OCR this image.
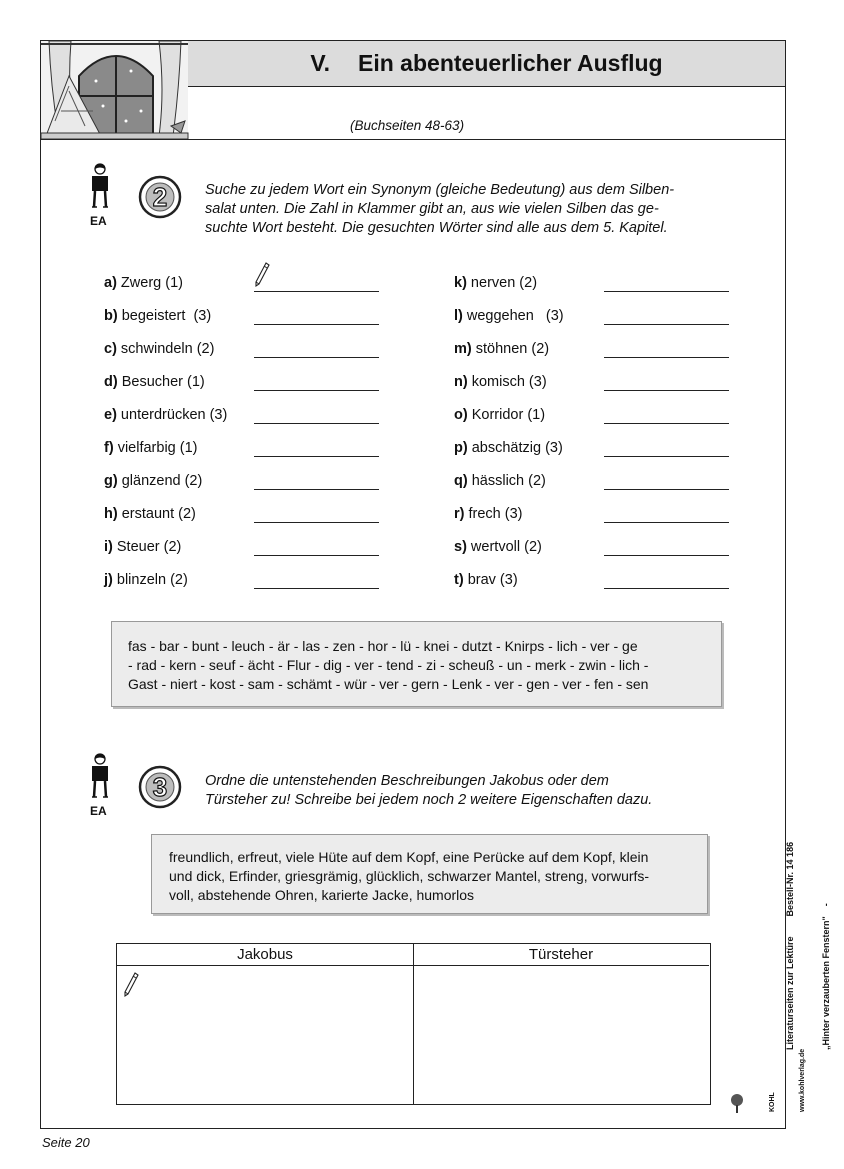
V. Ein abenteuerlicher Ausflug
(Buchseiten 48-63)
EA
2	Suche zu jedem Wort ein Synonym (gleiche Bedeutung) aus dem Silben-
salat unten. Die Zahl in Klammer gibt an, aus wie vielen Silben das ge-
suchte Wort besteht. Die gesuchten Wörter sind alle aus dem 5. Kapitel.
a) Zwerg (1)
b) begeistert  (3)
c) schwindeln (2)
d) Besucher (1)
e) unterdrücken (3)
f) vielfarbig (1)
g) glänzend (2)
h) erstaunt (2)
i) Steuer (2)
j) blinzeln (2)
k) nerven (2)
l) weggehen   (3)
m) stöhnen (2)
n) komisch (3)
o) Korridor (1)
p) abschätzig (3)
q) hässlich (2)
r) frech (3)
s) wertvoll (2)
t) brav (3)
fas - bar - bunt - leuch - är - las - zen - hor - lü - knei - dutzt - Knirps - lich - ver - ge
- rad - kern - seuf - ächt - Flur - dig - ver - tend - zi - scheuß - un - merk - zwin - lich -
Gast - niert - kost - sam - schämt - wür - ver - gern - Lenk - ver - gen - ver - fen - sen
EA
3	Ordne die untenstehenden Beschreibungen Jakobus oder dem
Türsteher zu! Schreibe bei jedem noch 2 weitere Eigenschaften dazu.
freundlich, erfreut, viele Hüte auf dem Kopf, eine Perücke auf dem Kopf, klein
und dick, Erfinder, griesgrämig, glücklich, schwarzer Mantel, streng, vorwurfs-
voll, abstehende Ohren, karierte Jacke, humorlos
Jakobus	Türsteher

	Literaturseiten zur Lektüre        Bestell-Nr. 14 186

	„Hinter verzauberten Fenstern"    -

KOHL

	www.kohlverlag.de

Seite 20
